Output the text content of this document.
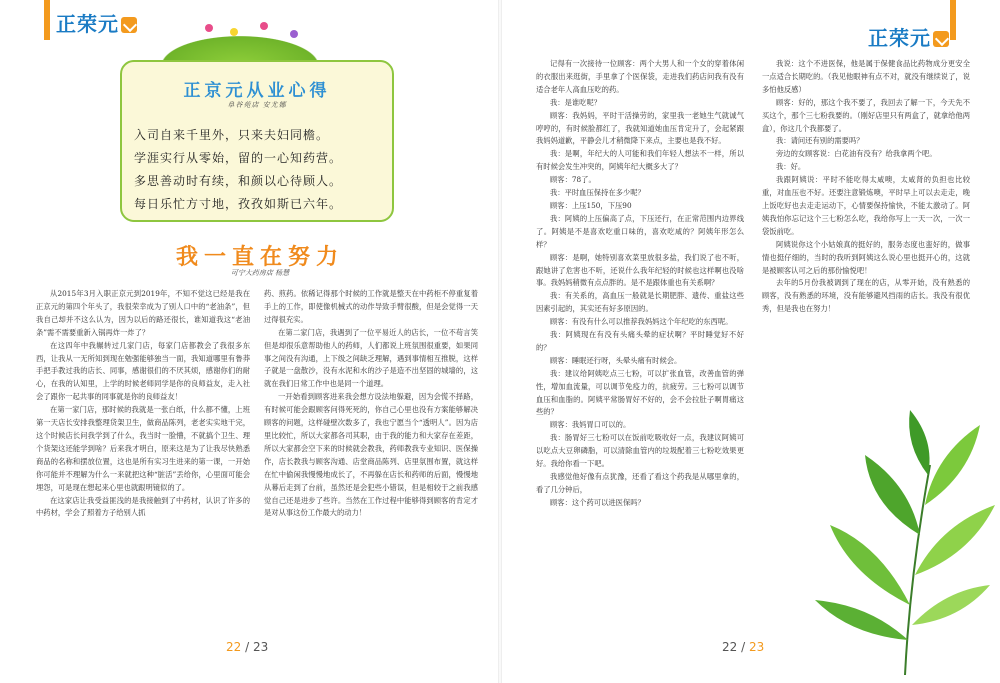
正荣元
正京元从业心得
阜谷苑店 安尤娜
入司自来千里外，只来夫妇同檐。
学涯实行从零始，留的一心知药营。
多思善动时有续，和颜以心待顾人。
每日乐忙方寸地，孜孜如斯已六年。
我一直在努力
可宁大药房店 杨慧

从2015年3月入职正京元到2019年，不知不觉这已经是我在正京元的第四个年头了，我很荣幸成为了别人口中的“老油条”，但我自己却并不这么认为，因为以后的路还很长，谁知道我这“老油条”需不需要重新入锅再炸一炸了？

在这四年中我辗转过几家门店，每家门店都教会了我很多东西，让我从一无所知到现在勉强能够独当一面，我知道哪里有鲁莽手把手教过我的店长、同事，感谢很们的不厌其烦，感谢你们的耐心，在我的认知里，上学的时候老师同学是你的良师益友，走入社会了跟你一起共事的同事就是你的良师益友！

在第一家门店，那时候的我就是一张白纸，什么都不懂，上班第一天店长安排我整理货架卫生，做商品陈列，老老实实地干完，这个时候店长问我学到了什么，我当时一脸懵，不就搞个卫生、理个货架这还能学到啥？后来我才明白，原来这是为了让我尽快熟悉商品的名称和摆放位置，这也是所有实习生进来的第一课，一开始你可能并不理解为什么一来就把这种“脏活”丢给你，心里面可能会埋怨，可是现在想起来心里也就跟明镜似的了。

在这家店让我受益匪浅的是我接触到了中药材，认识了许多的中药材，学会了照着方子给别人抓

药、煎药。依稀记得那个时候的工作就是整天在中药柜不停重复着手上的工作，即使像机械式的动作导致手臂很酸，但是会觉得一天过得很充实。

在第二家门店，我遇到了一位平易近人的店长，一位不苟言笑但是却很乐意帮助他人的药师，人们都说上班氛围很重要，如果同事之间没有沟通，上下级之间缺乏理解，遇到事情相互推脱，这样子就是一盘散沙，没有水泥和水的沙子是造不出坚固的城墙的，这就在我们日常工作中也是同一个道理。

一开始看到顾客进来我会想方设法地躲避，因为会慌不择路，有时候可能会跟顾客问得死死的，你自己心里也没有方案能够解决顾客的问题，这样碰壁次数多了，我也宁愿当个“透明人”。因为店里比较忙，所以大家都各司其职，由于我的能力和大家存在差距，所以大家都会空下来的时候就会教我，药师教我专业知识、医保操作，店长教我与顾客沟通、店堂商品陈列、店里氛围布置，就这样在忙中偷闲我慢慢地成长了，不再躲在店长和药师的后面，慢慢地从幕后走到了台前，虽然还是会犯些小错误，但是相较于之前我感觉自己还是进步了些许。当然在工作过程中能够得到顾客的肯定才是对从事这份工作最大的动力！

22 / 23
正荣元

记得有一次接待一位顾客：两个大男人和一个女的穿着体闲的衣服出来逛街，手里拿了个医保袋，走进我们药店问我有没有适合老年人高血压吃的药。

我：是谁吃呢？

顾客：我妈妈，平时干活操劳的，家里我一老她生气就诚气哼哼的，有时候脸都红了，我就知道她血压肯定升了，会起紧跟我妈妈道歉，平静会儿才稍微降下来点，主要也是我不好。

我：是啊，年纪大的人可能和我们年轻人想法不一样，所以有时候会发生冲突的，阿姨年纪大概多大了？

顾客：78了。

我：平时血压保持在多少呢？

顾客：上压150，下压90

我：阿姨的上压偏高了点，下压还行，在正常范围内边界线了。阿姨是不是喜欢吃重口味的，喜欢吃咸的？阿姨年形怎么样？

顾客：是啊，她特别喜欢菜里放很多盐，我们说了也不听，跟她讲了危害也不听，还说什么我年纪轻的时候也这样啊也没啥事。我妈妈稍微有点点胖的。是不是跟体重也有关系啊？

我：有关系的，高血压一般就是长期肥胖、遗传、重盐这些因素引起的，其实还有好多原因的。

顾客：有没有什么可以推荐我妈妈这个年纪吃的东西呢。

我：阿姨现在有没有头痛头晕的症状啊？平时睡觉好不好的？

顾客：睡眠还行呀，头晕头痛有时候会。

我：建议给阿姨吃点三七粉，可以扩张血管，改善血管的弹性，增加血流量，可以调节免疫力的，抗疲劳。三七粉可以调节血压和血脂的。阿姨平常肠胃好不好的，会不会拉肚子啊胃痛这些的？

顾客：我妈胃口可以的。

我：肠胃好三七粉可以在饭前吃吸收好一点，我建议阿姨可以吃点大豆卵磷脂，可以清除血管内的垃圾配着三七粉吃效果更好。我给你看一下吧。

我感觉他好像有点犹豫，还看了看这个药我是从哪里拿的，看了几分钟后，

顾客：这个药可以进医保吗？

我说：这个不进医保，他是属于保健食品比药物成分更安全一点适合长期吃的。（我见他眼神有点不对，就没有继续说了，说多怕他反感）

顾客：好的，那这个我不要了，我回去了解一下，今天先不买这个，那个三七粉我要的。（刚好店里只有两盒了，就拿给他两盒），你这几个我都要了。

我：请问还有别的需要吗？

旁边的女顾客说：白花油有没有？给我拿两个吧。

我：好。

我跟阿姨说：平时不能吃得太咸噢，太咸肾的负担也比较重，对血压也不好。还要注意锻炼噢，平时早上可以去走走，晚上饭吃好也去走走运动下，心情要保持愉快，不能太激动了。阿姨我怕你忘记这个三七粉怎么吃，我给你写上一天一次，一次一袋饭前吃。

阿姨说你这个小姑娘真的挺好的，服务态度也蛮好的，做事情也挺仔细的，当时的我听到阿姨这么说心里也挺开心的，这就是被顾客认可之后的那份愉悦吧！

去年的5月份我被调到了现在的店，从零开始，没有熟悉的顾客，没有熟悉的环境，没有能够避风挡雨的店长。我没有很优秀，但是我也在努力！

22 / 23
